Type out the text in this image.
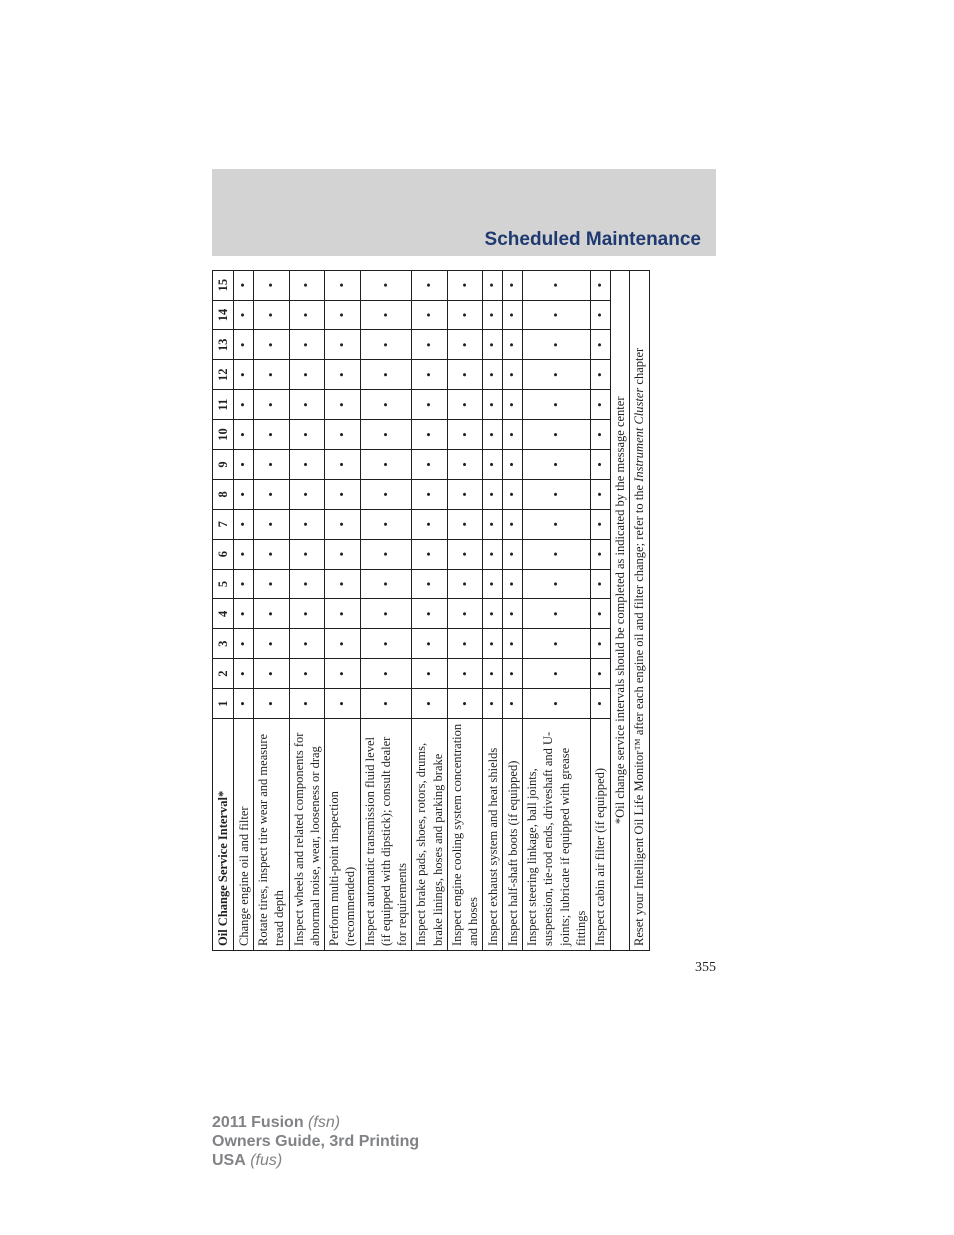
Scheduled Maintenance
Oil Change Service Interval*	1	2	3	4	5	6	7	8	9	10	11	12	13	14	15
Change engine oil and filter	•	•	•	•	•	•	•	•	•	•	•	•	•	•	•
Rotate tires, inspect tire wear and measure tread depth	•	•	•	•	•	•	•	•	•	•	•	•	•	•	•
Inspect wheels and related components for abnormal noise, wear, looseness or drag	•	•	•	•	•	•	•	•	•	•	•	•	•	•	•
Perform multi-point inspection (recommended)	•	•	•	•	•	•	•	•	•	•	•	•	•	•	•
Inspect automatic transmission fluid level (if equipped with dipstick); consult dealer for requirements	•	•	•	•	•	•	•	•	•	•	•	•	•	•	•
Inspect brake pads, shoes, rotors, drums, brake linings, hoses and parking brake	•	•	•	•	•	•	•	•	•	•	•	•	•	•	•
Inspect engine cooling system concentration and hoses	•	•	•	•	•	•	•	•	•	•	•	•	•	•	•
Inspect exhaust system and heat shields	•	•	•	•	•	•	•	•	•	•	•	•	•	•	•
Inspect half-shaft boots (if equipped)	•	•	•	•	•	•	•	•	•	•	•	•	•	•	•
Inspect steering linkage, ball joints, suspension, tie-rod ends, driveshaft and U-joints; lubricate if equipped with grease fittings	•	•	•	•	•	•	•	•	•	•	•	•	•	•	•
Inspect cabin air filter (if equipped)	•	•	•	•	•	•	•	•	•	•	•	•	•	•	•
*Oil change service intervals should be completed as indicated by the message center															
Reset your Intelligent Oil Life Monitor™ after each engine oil and filter change; refer to the Instrument Cluster chapter															
355
2011 Fusion (fsn)
Owners Guide, 3rd Printing
USA (fus)
